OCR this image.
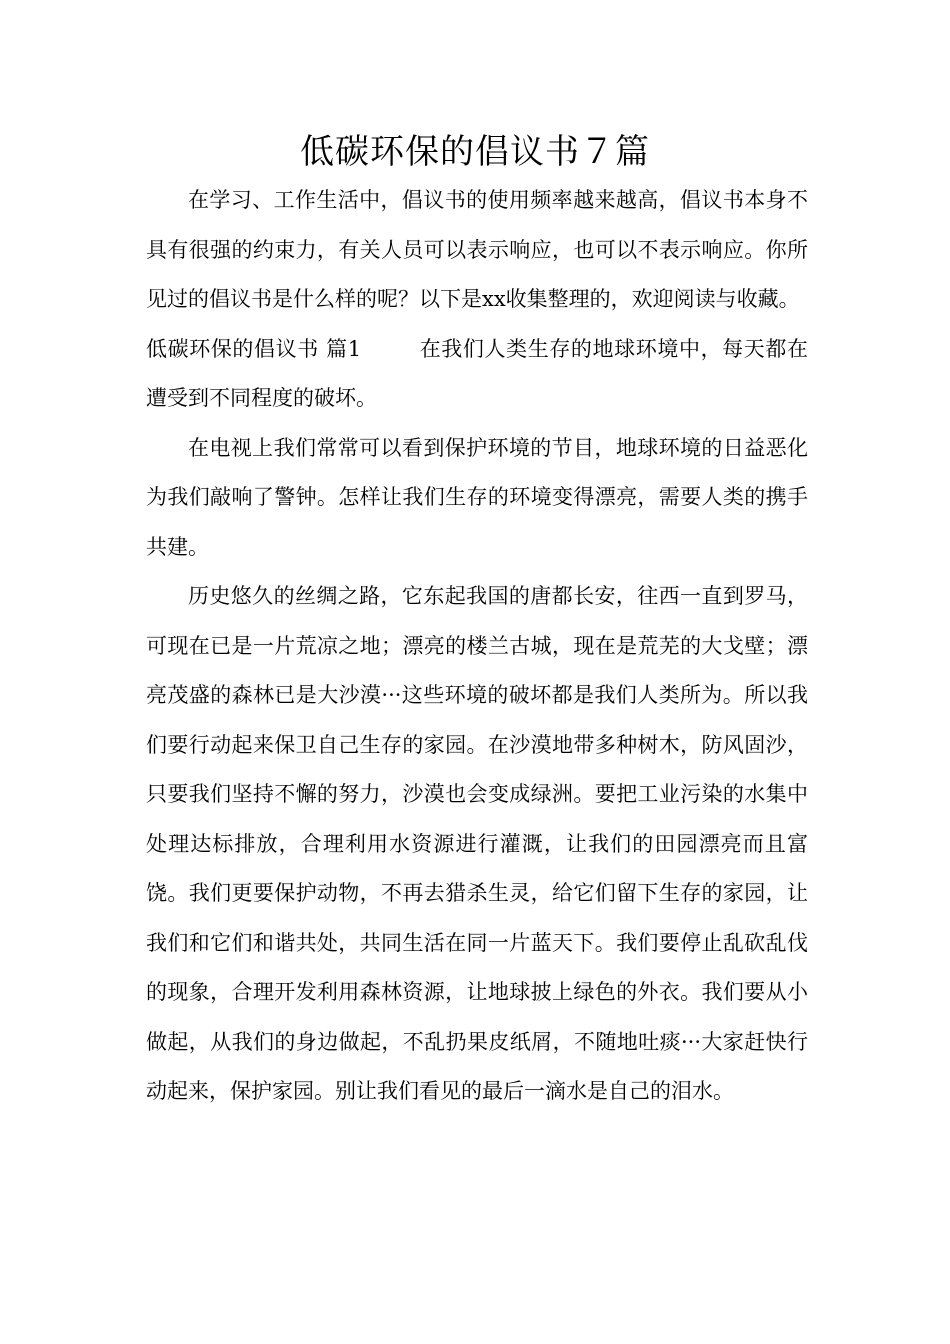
低碳环保的倡议书７篇

在学习、工作生活中，倡议书的使用频率越来越高，倡议书本身不具有很强的约束力，有关人员可以表示响应，也可以不表示响应。你所见过的倡议书是什么样的呢？以下是xx收集整理的，欢迎阅读与收藏。

低碳环保的倡议书 篇1	在我们人类生存的地球环境中，每天都在遭受到不同程度的破坏。

在电视上我们常常可以看到保护环境的节目，地球环境的日益恶化为我们敲响了警钟。怎样让我们生存的环境变得漂亮，需要人类的携手共建。

历史悠久的丝绸之路，它东起我国的唐都长安，往西一直到罗马，可现在已是一片荒凉之地；漂亮的楼兰古城，现在是荒芜的大戈壁；漂亮茂盛的森林已是大沙漠···这些环境的破坏都是我们人类所为。所以我们要行动起来保卫自己生存的家园。在沙漠地带多种树木，防风固沙，只要我们坚持不懈的努力，沙漠也会变成绿洲。要把工业污染的水集中处理达标排放，合理利用水资源进行灌溉，让我们的田园漂亮而且富饶。我们更要保护动物，不再去猎杀生灵，给它们留下生存的家园，让我们和它们和谐共处，共同生活在同一片蓝天下。我们要停止乱砍乱伐的现象，合理开发利用森林资源，让地球披上绿色的外衣。我们要从小做起，从我们的身边做起，不乱扔果皮纸屑，不随地吐痰···大家赶快行动起来，保护家园。别让我们看见的最后一滴水是自己的泪水。
